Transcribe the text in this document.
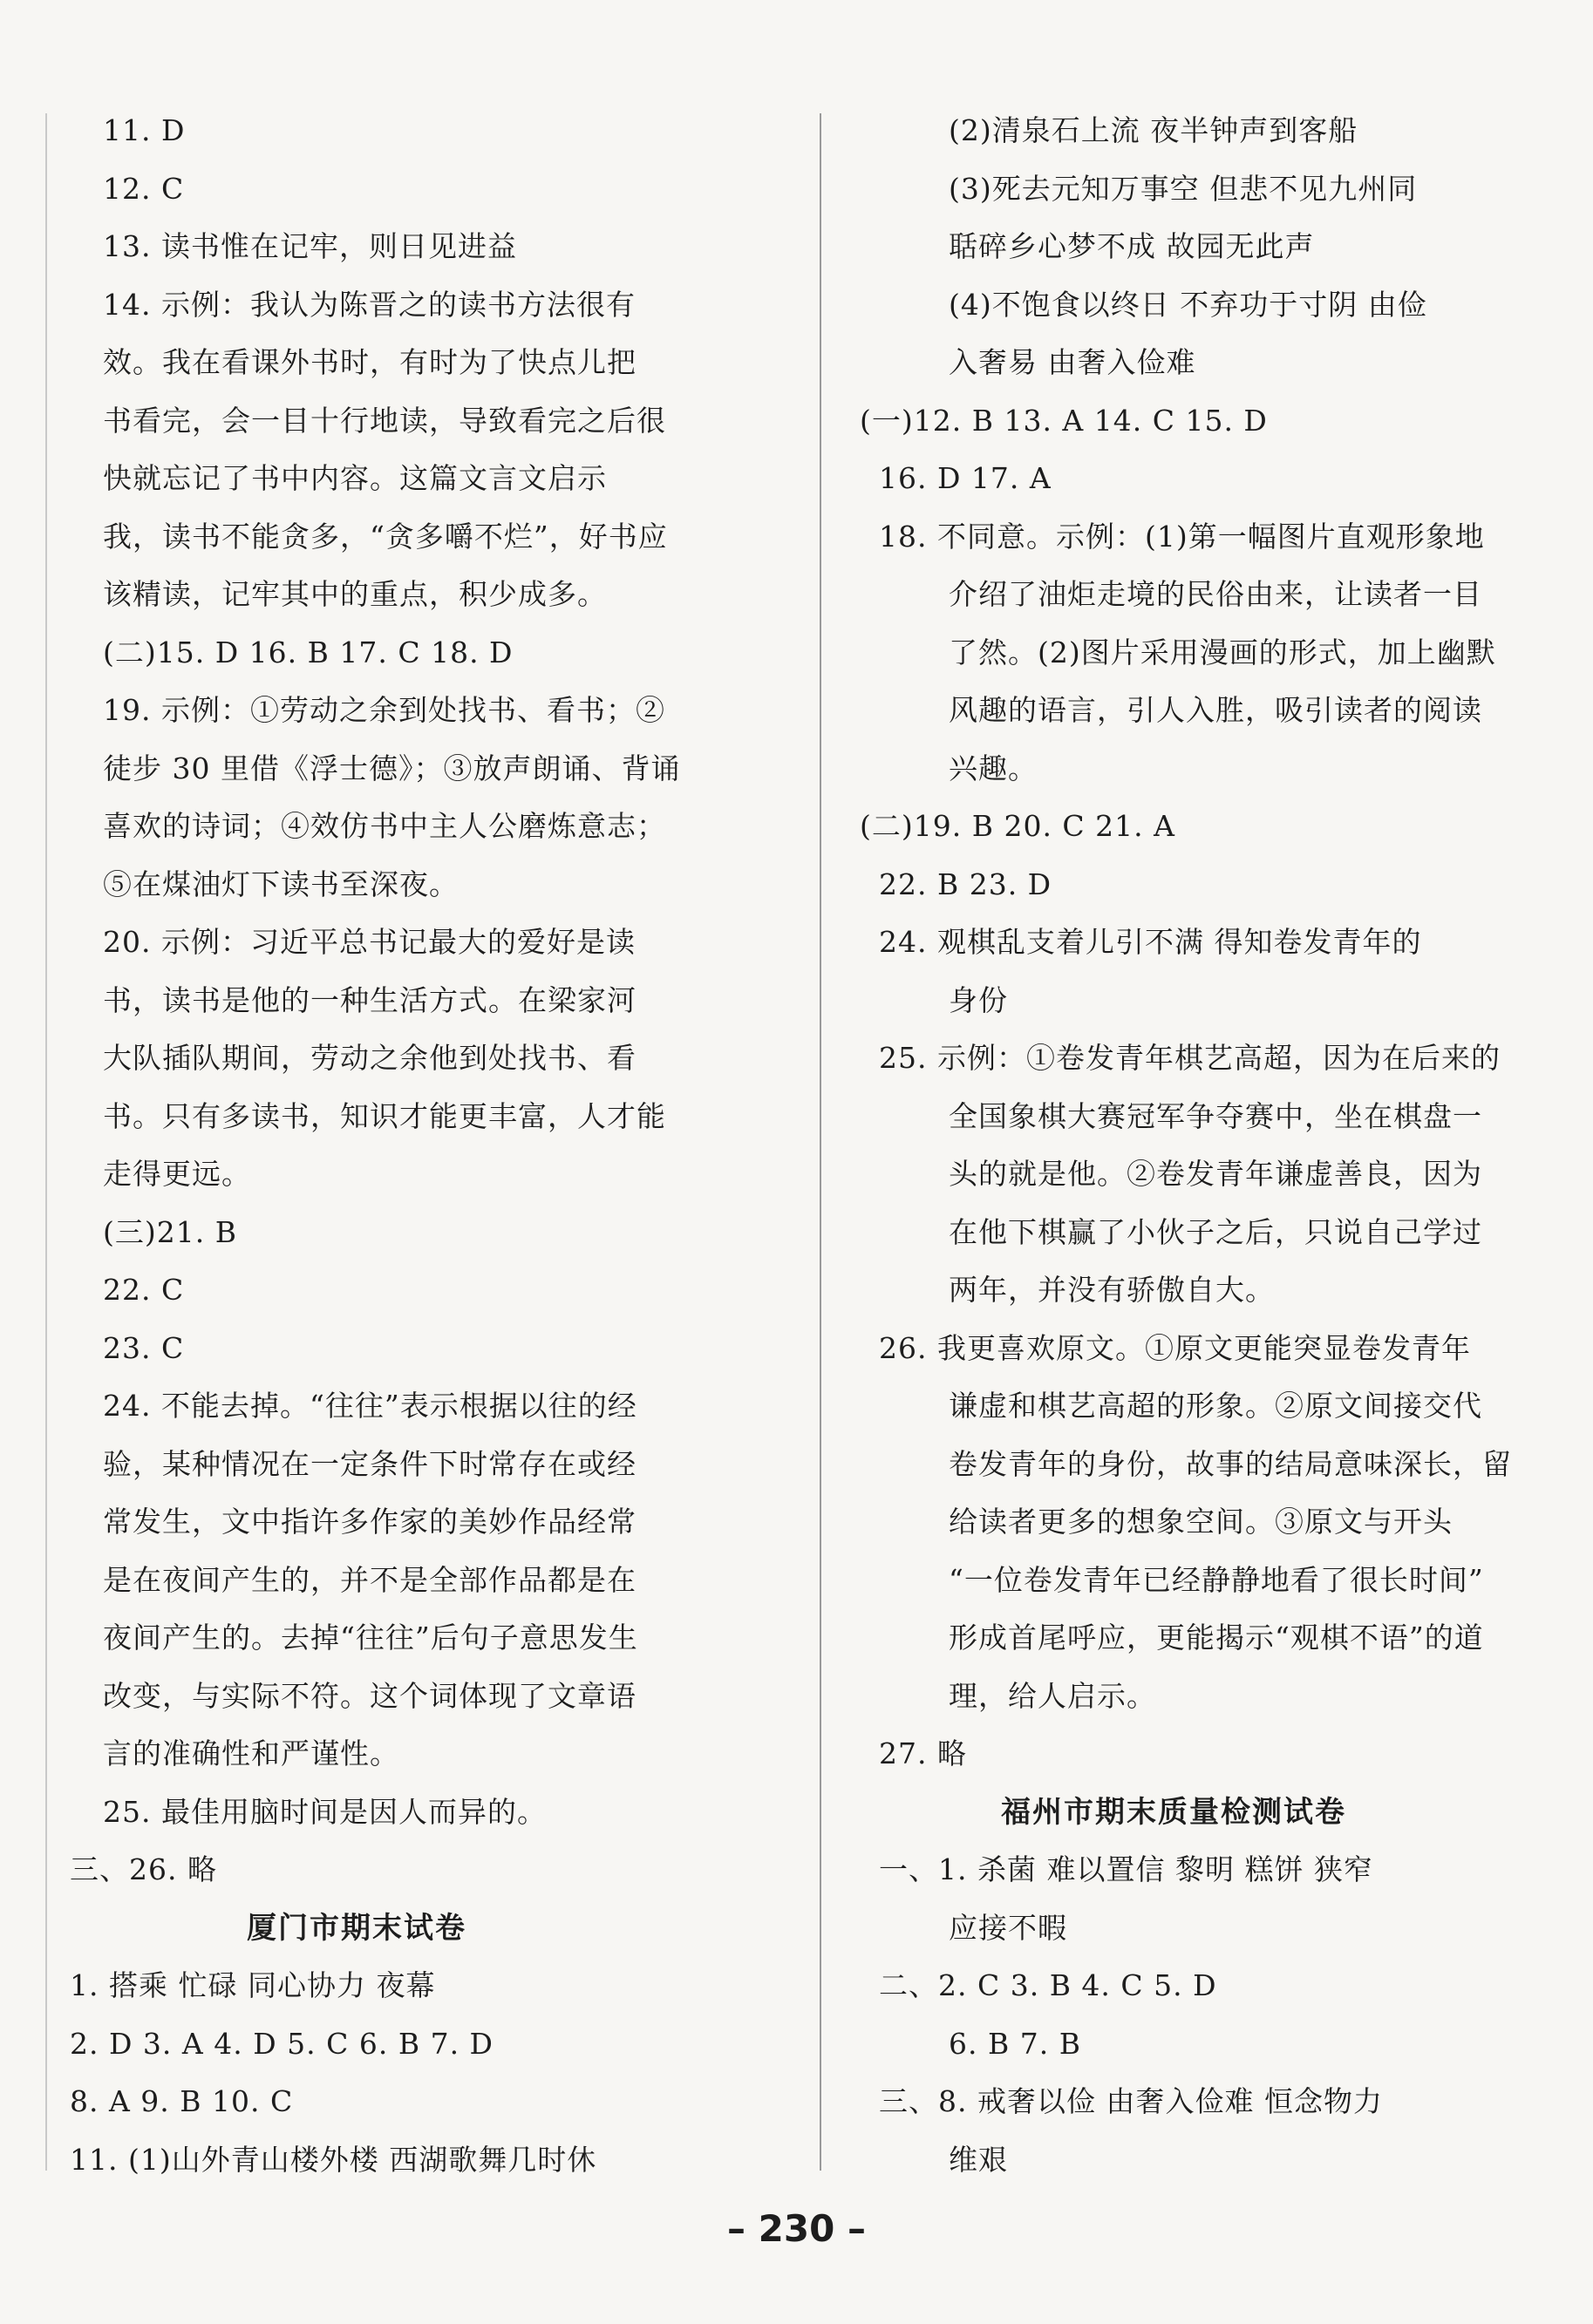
11. D
12. C
13. 读书惟在记牢，则日见进益
14. 示例：我认为陈晋之的读书方法很有
效。我在看课外书时，有时为了快点儿把
书看完，会一目十行地读，导致看完之后很
快就忘记了书中内容。这篇文言文启示
我，读书不能贪多，“贪多嚼不烂”，好书应
该精读，记牢其中的重点，积少成多。
(二)15. D 16. B 17. C 18. D
19. 示例：①劳动之余到处找书、看书；②
徒步 30 里借《浮士德》；③放声朗诵、背诵
喜欢的诗词；④效仿书中主人公磨炼意志；
⑤在煤油灯下读书至深夜。
20. 示例：习近平总书记最大的爱好是读
书，读书是他的一种生活方式。在梁家河
大队插队期间，劳动之余他到处找书、看
书。只有多读书，知识才能更丰富，人才能
走得更远。
(三)21. B
22. C
23. C
24. 不能去掉。“往往”表示根据以往的经
验，某种情况在一定条件下时常存在或经
常发生，文中指许多作家的美妙作品经常
是在夜间产生的，并不是全部作品都是在
夜间产生的。去掉“往往”后句子意思发生
改变，与实际不符。这个词体现了文章语
言的准确性和严谨性。
25. 最佳用脑时间是因人而异的。
三、26. 略
厦门市期末试卷
1. 搭乘 忙碌 同心协力 夜幕
2. D 3. A 4. D 5. C 6. B 7. D
8. A 9. B 10. C
11. (1)山外青山楼外楼 西湖歌舞几时休
(2)清泉石上流 夜半钟声到客船
(3)死去元知万事空 但悲不见九州同
聒碎乡心梦不成 故园无此声
(4)不饱食以终日 不弃功于寸阴 由俭
入奢易 由奢入俭难
(一)12. B 13. A 14. C 15. D
16. D 17. A
18. 不同意。示例：(1)第一幅图片直观形象地
介绍了油炬走境的民俗由来，让读者一目
了然。(2)图片采用漫画的形式，加上幽默
风趣的语言，引人入胜，吸引读者的阅读
兴趣。
(二)19. B 20. C 21. A
22. B 23. D
24. 观棋乱支着儿引不满 得知卷发青年的
身份
25. 示例：①卷发青年棋艺高超，因为在后来的
全国象棋大赛冠军争夺赛中，坐在棋盘一
头的就是他。②卷发青年谦虚善良，因为
在他下棋赢了小伙子之后，只说自己学过
两年，并没有骄傲自大。
26. 我更喜欢原文。①原文更能突显卷发青年
谦虚和棋艺高超的形象。②原文间接交代
卷发青年的身份，故事的结局意味深长，留
给读者更多的想象空间。③原文与开头
“一位卷发青年已经静静地看了很长时间”
形成首尾呼应，更能揭示“观棋不语”的道
理，给人启示。
27. 略
福州市期末质量检测试卷
一、1. 杀菌 难以置信 黎明 糕饼 狭窄
应接不暇
二、2. C 3. B 4. C 5. D
6. B 7. B
三、8. 戒奢以俭 由奢入俭难 恒念物力
维艰
– 230 –
